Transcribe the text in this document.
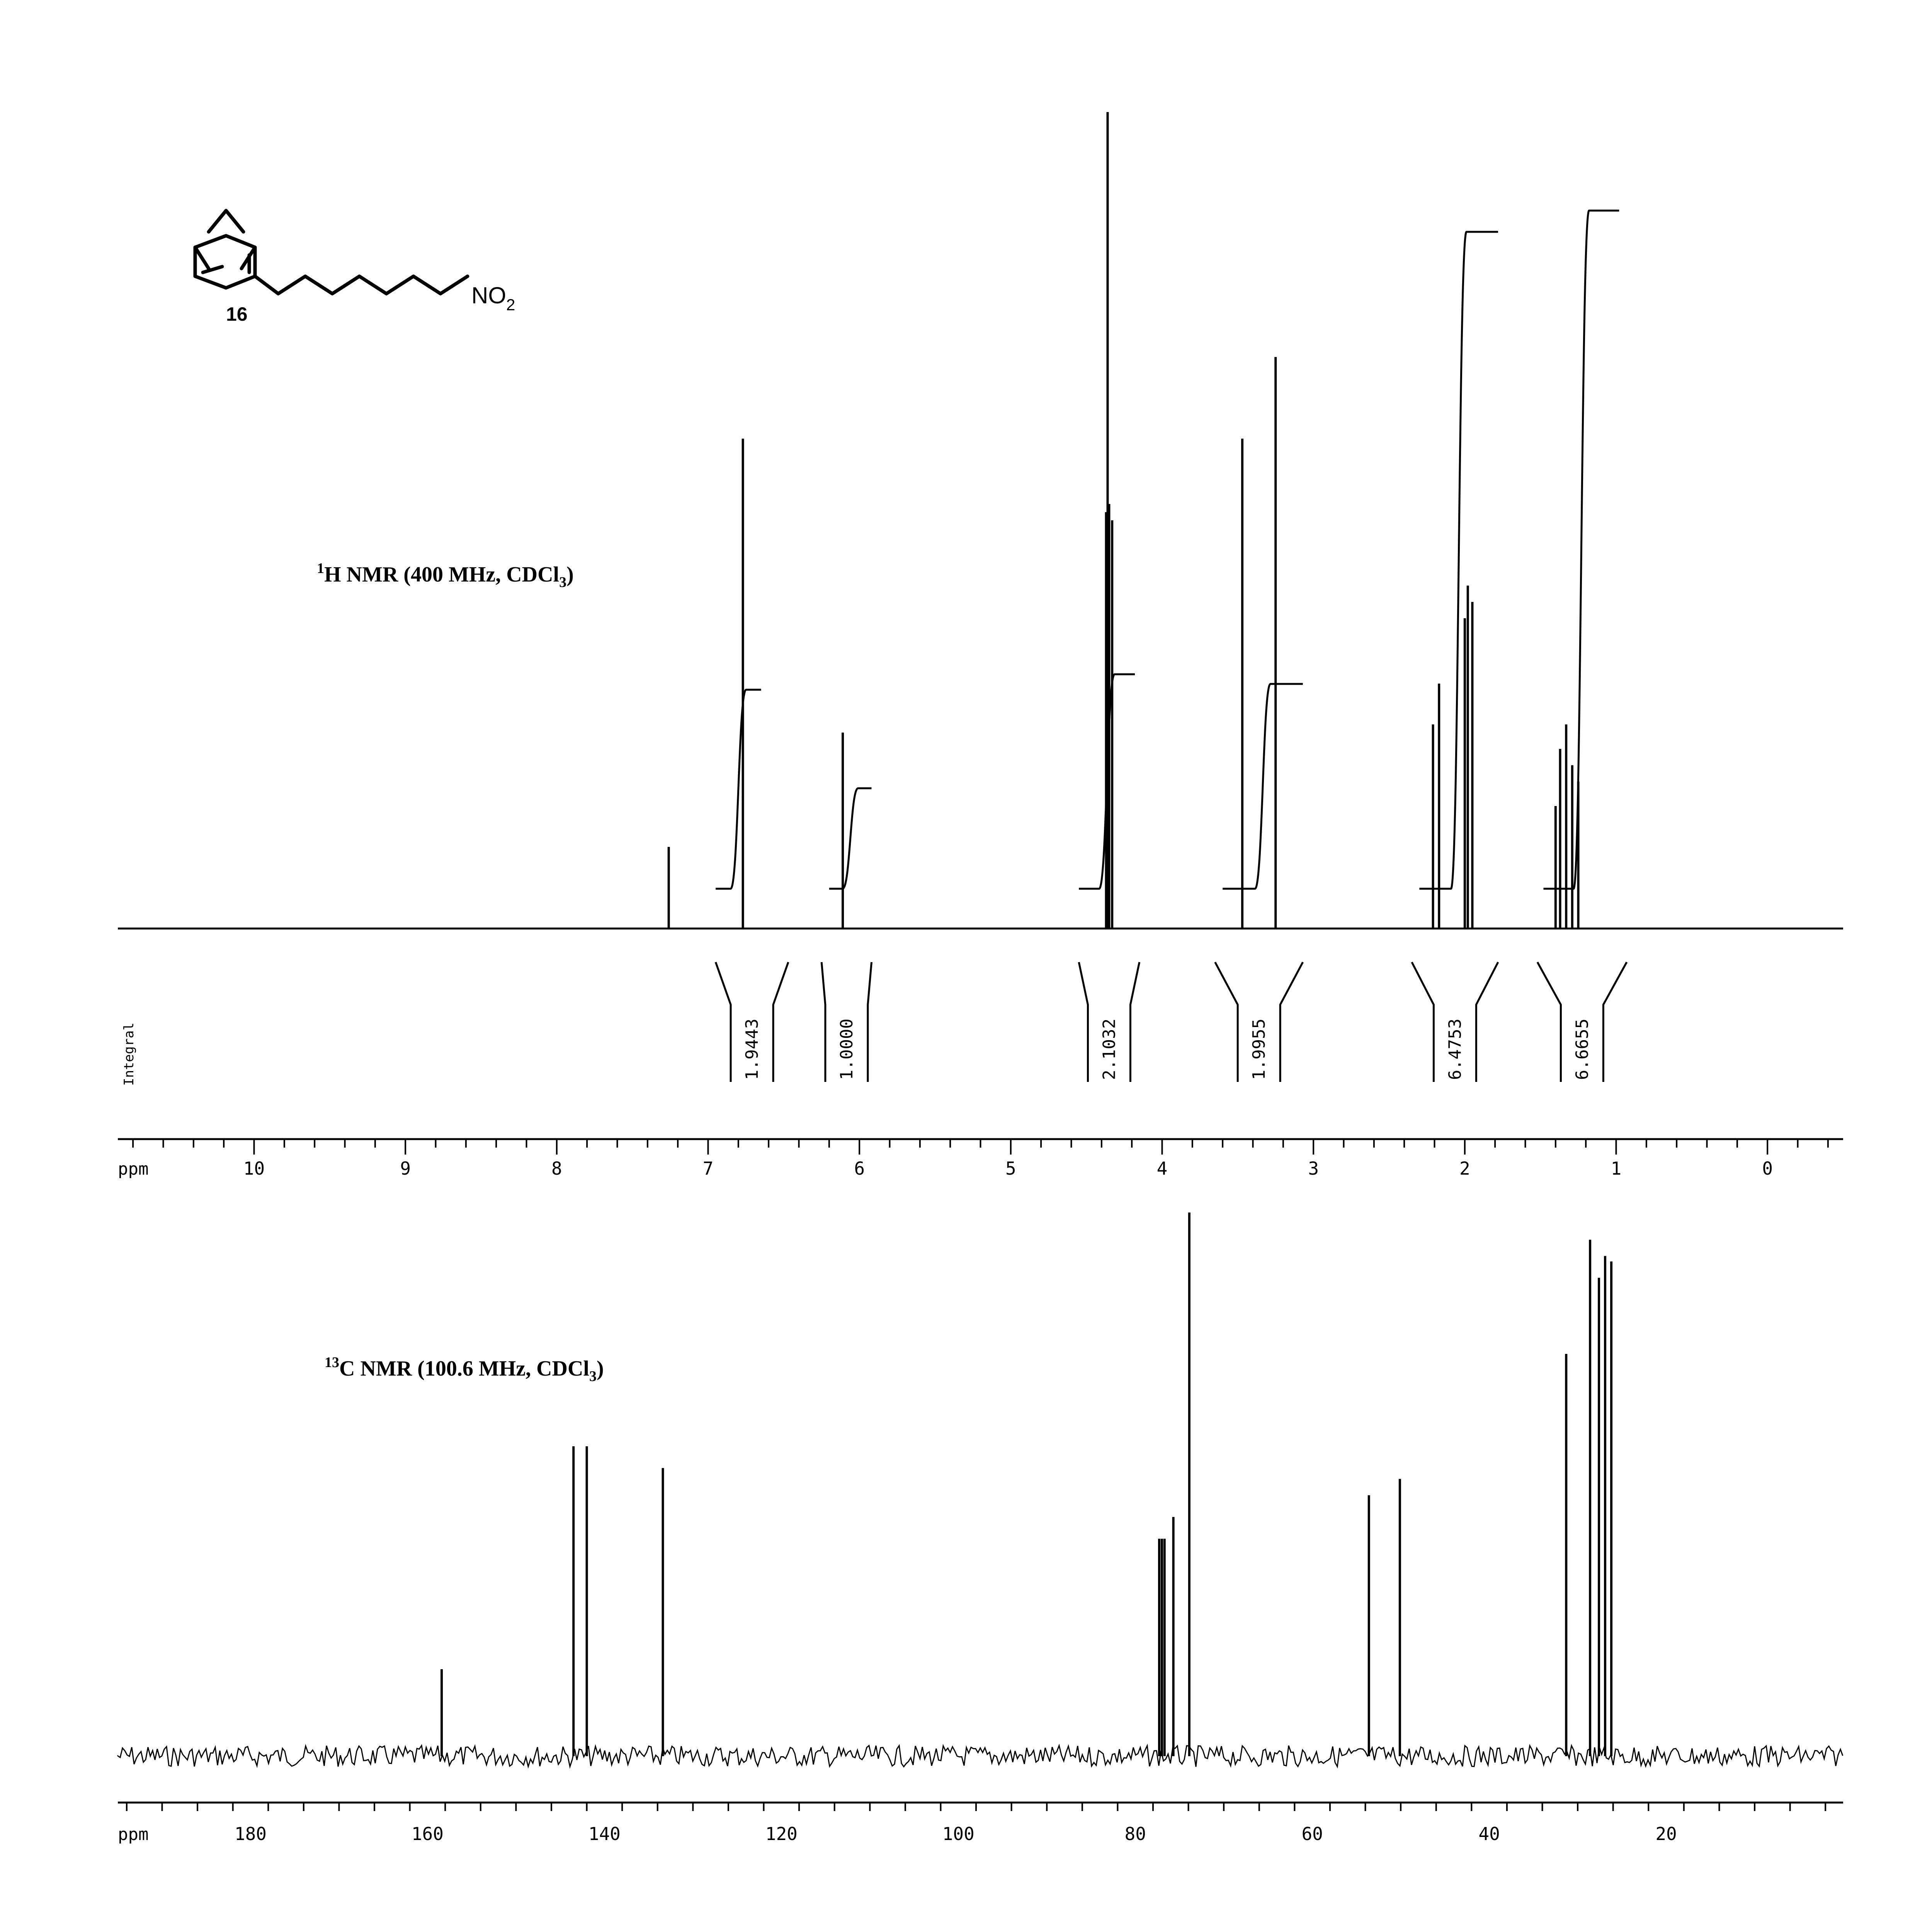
$NO_2$
16
$^1$H NMR (400 MHz, CDCl$_3$)
1.9443	1.0000	2.1032	1.9955	6.4753	6.6655
Integral
10	9	8	7	6	5	4	3	2	1	0
ppm
$^{13}$C NMR (100.6 MHz, CDCl$_3$)
180	160	140	120	100	80	60	40	20
ppm
